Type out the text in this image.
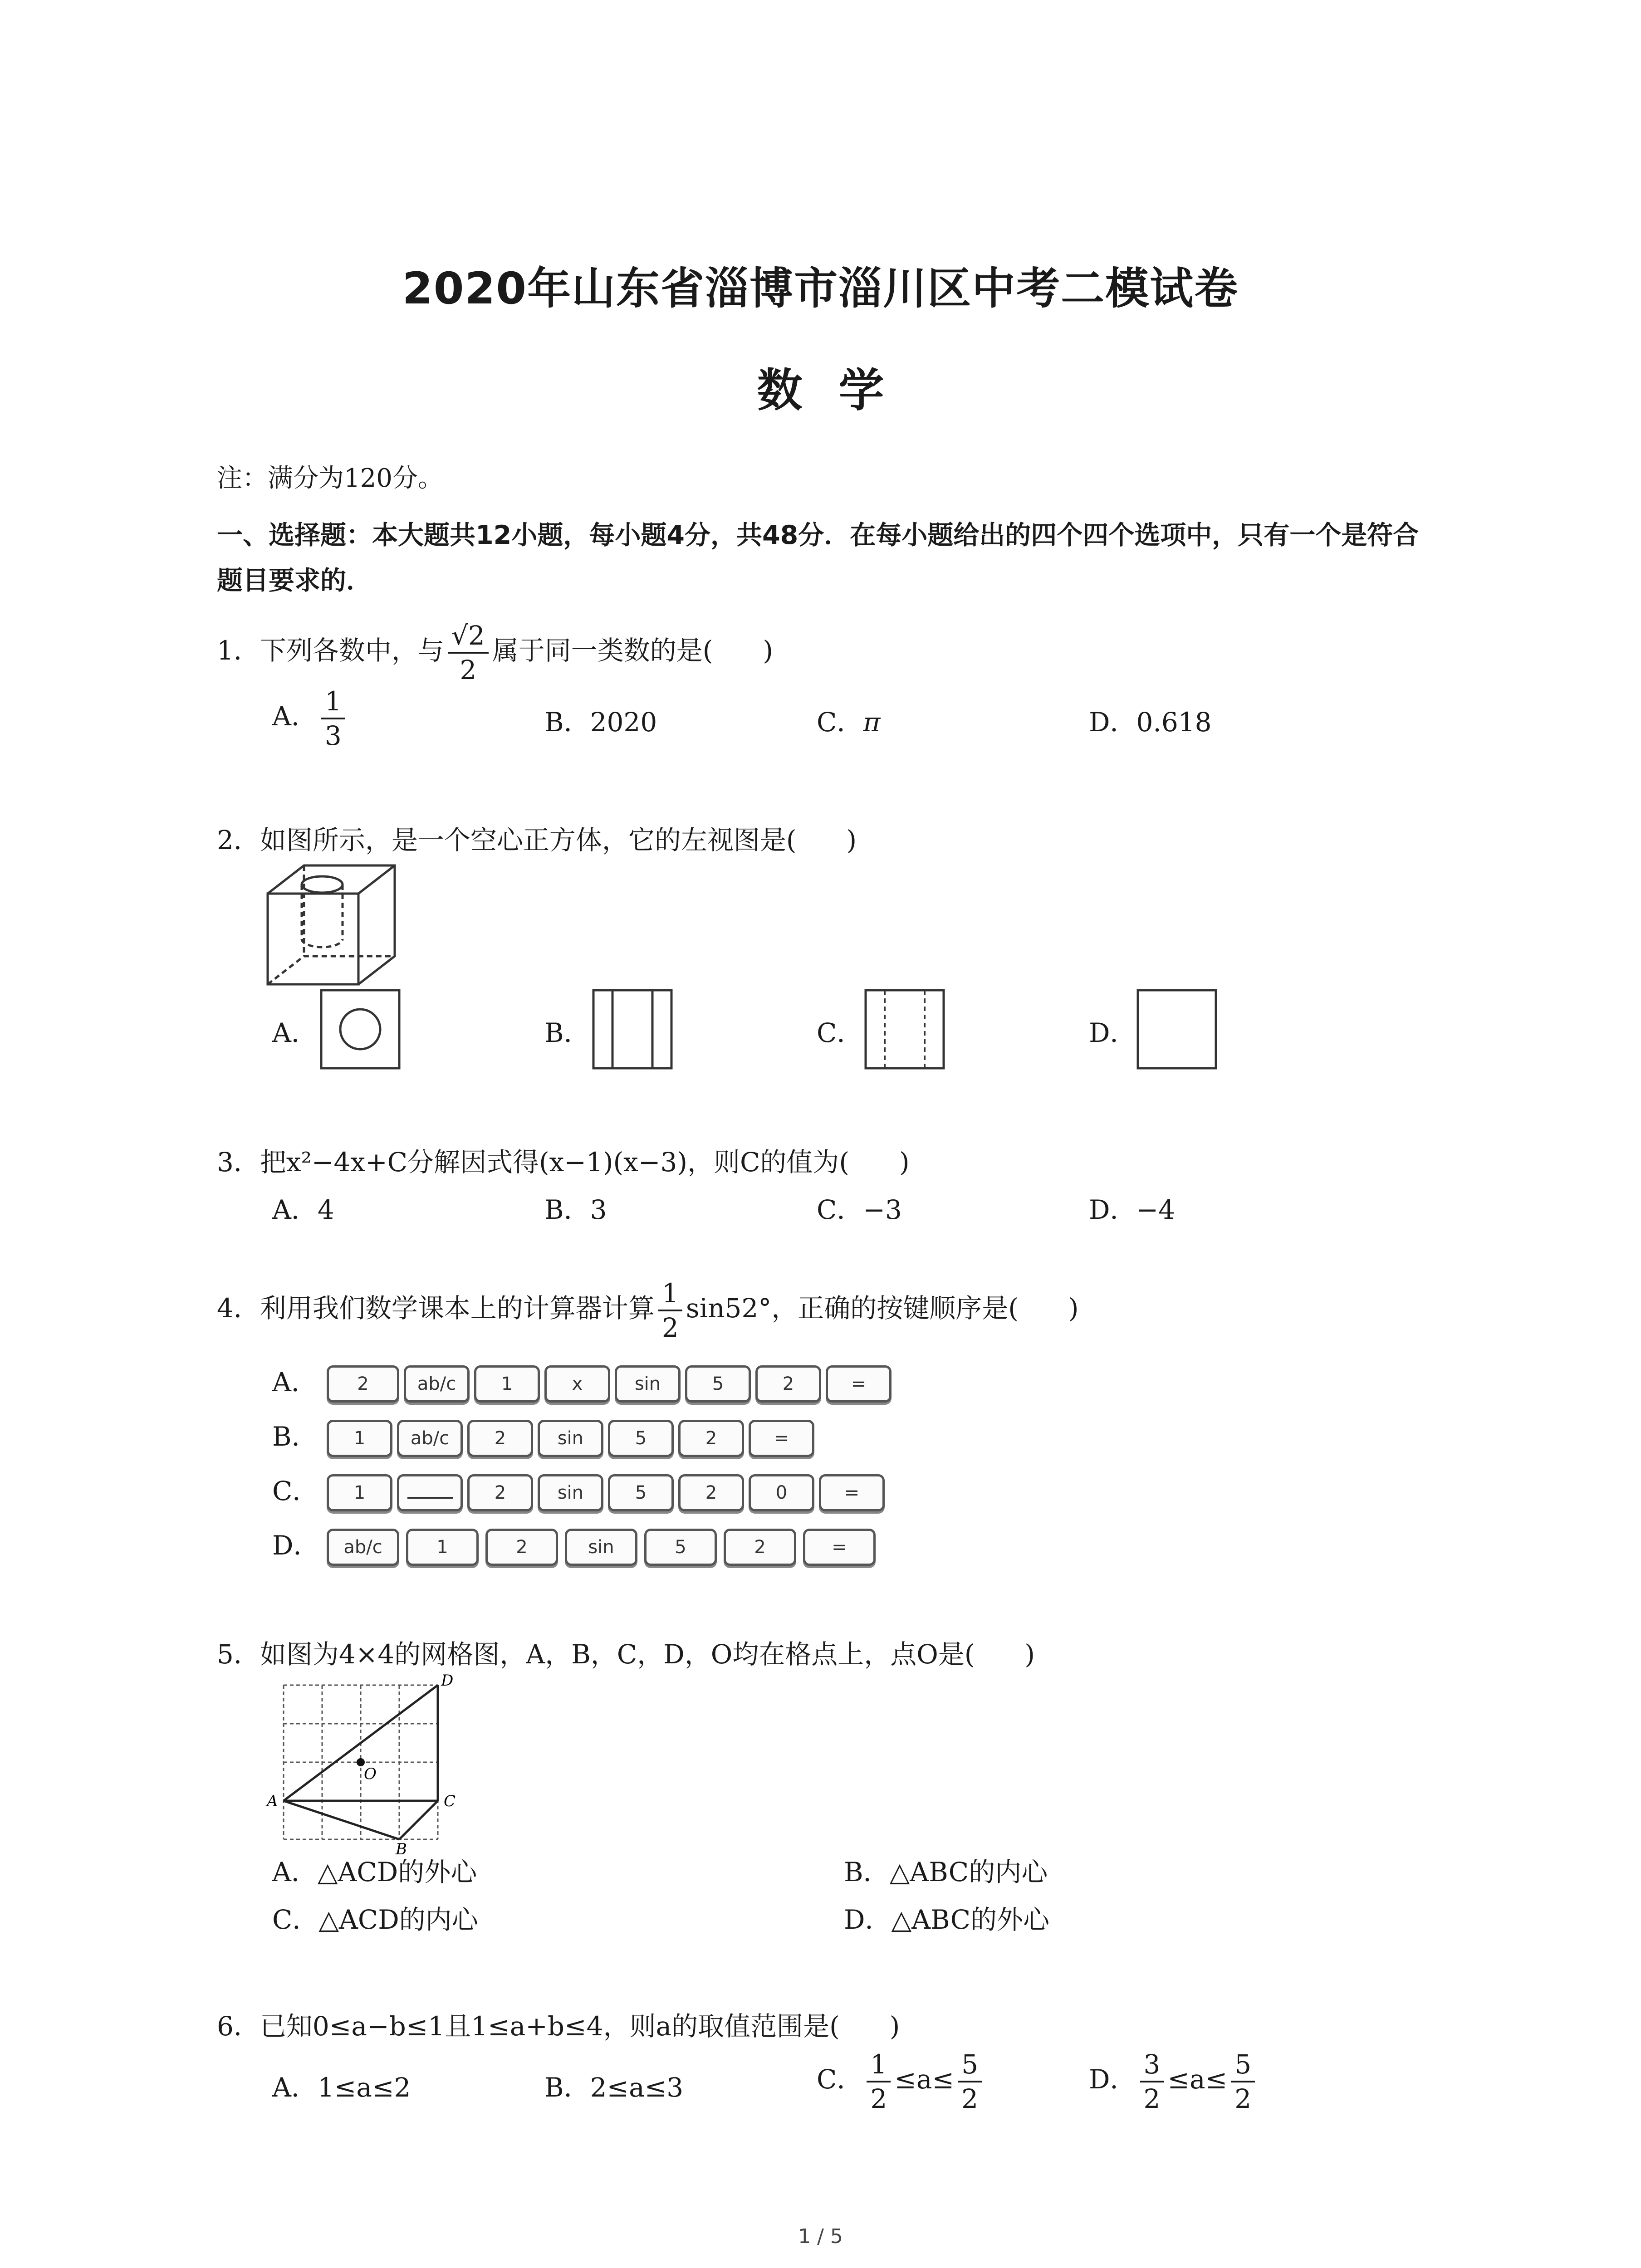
2020年山东省淄博市淄川区中考二模试卷
数学
注：满分为120分。
一、选择题：本大题共12小题，每小题4分，共48分．在每小题给出的四个四个选项中，只有一个是符合题目要求的．
1．下列各数中，与 $\frac{√2}{2}$ 属于同一类数的是( )
A． $\frac{1}{3}$	B．2020	C．π	D．0.618
2．如图所示，是一个空心正方体，它的左视图是( )
A．	B．	C．	D．
3．把x²−4x+C分解因式得(x−1)(x−3)，则C的值为( )
A．4	B．3	C．−3	D．−4
4．利用我们数学课本上的计算器计算 $\frac{1}{2} \sin 52^\circ$，正确的按键顺序是( )
A．	2	ab/c	1	x	sin	5	2	=
B．	1	ab/c	2	sin	5	2	=
C．	1	2	sin	5	2	0	=
D．	ab/c	1	2	sin	5	2	=
5．如图为4×4的网格图，A，B，C，D，O均在格点上，点O是( )
A
B
C
D
O
A．△ACD的外心	B．△ABC的内心
C．△ACD的内心	D．△ABC的外心
6．已知0≤a−b≤1且1≤a+b≤4，则a的取值范围是( )
A．1≤a≤2	B．2≤a≤3	C． $\frac{1}{2} \le a\le \frac{5}{2}$	D． $\frac{3}{2} \le a\le \frac{5}{2}$
1 / 5
